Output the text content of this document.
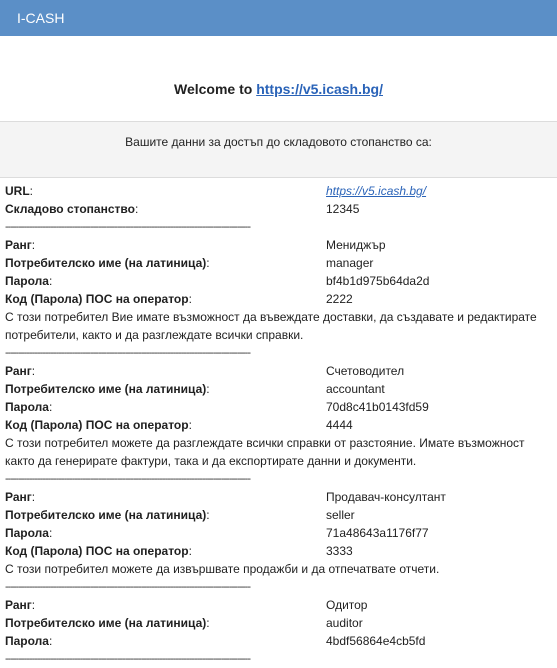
I-CASH
Welcome to https://v5.icash.bg/
Вашите данни за достъп до складовото стопанство са:
URL:	https://v5.icash.bg/
Складово стопанство:	12345
--------------------------------------------------------------------------------------------
Ранг:	Мениджър
Потребителско име (на латиница):	manager
Парола:	bf4b1d975b64da2d
Код (Парола) ПОС на оператор:	2222
С този потребител Вие имате възможност да въвеждате доставки, да създавате и редактирате потребители, както и да разглеждате всички справки.
--------------------------------------------------------------------------------------------
Ранг:	Счетоводител
Потребителско име (на латиница):	accountant
Парола:	70d8c41b0143fd59
Код (Парола) ПОС на оператор:	4444
С този потребител можете да разглеждате всички справки от разстояние. Имате възможност както да генерирате фактури, така и да експортирате данни и документи.
--------------------------------------------------------------------------------------------
Ранг:	Продавач-консултант
Потребителско име (на латиница):	seller
Парола:	71a48643a1176f77
Код (Парола) ПОС на оператор:	3333
С този потребител можете да извършвате продажби и да отпечатвате отчети.
--------------------------------------------------------------------------------------------
Ранг:	Одитор
Потребителско име (на латиница):	auditor
Парола:	4bdf56864e4cb5fd
--------------------------------------------------------------------------------------------
